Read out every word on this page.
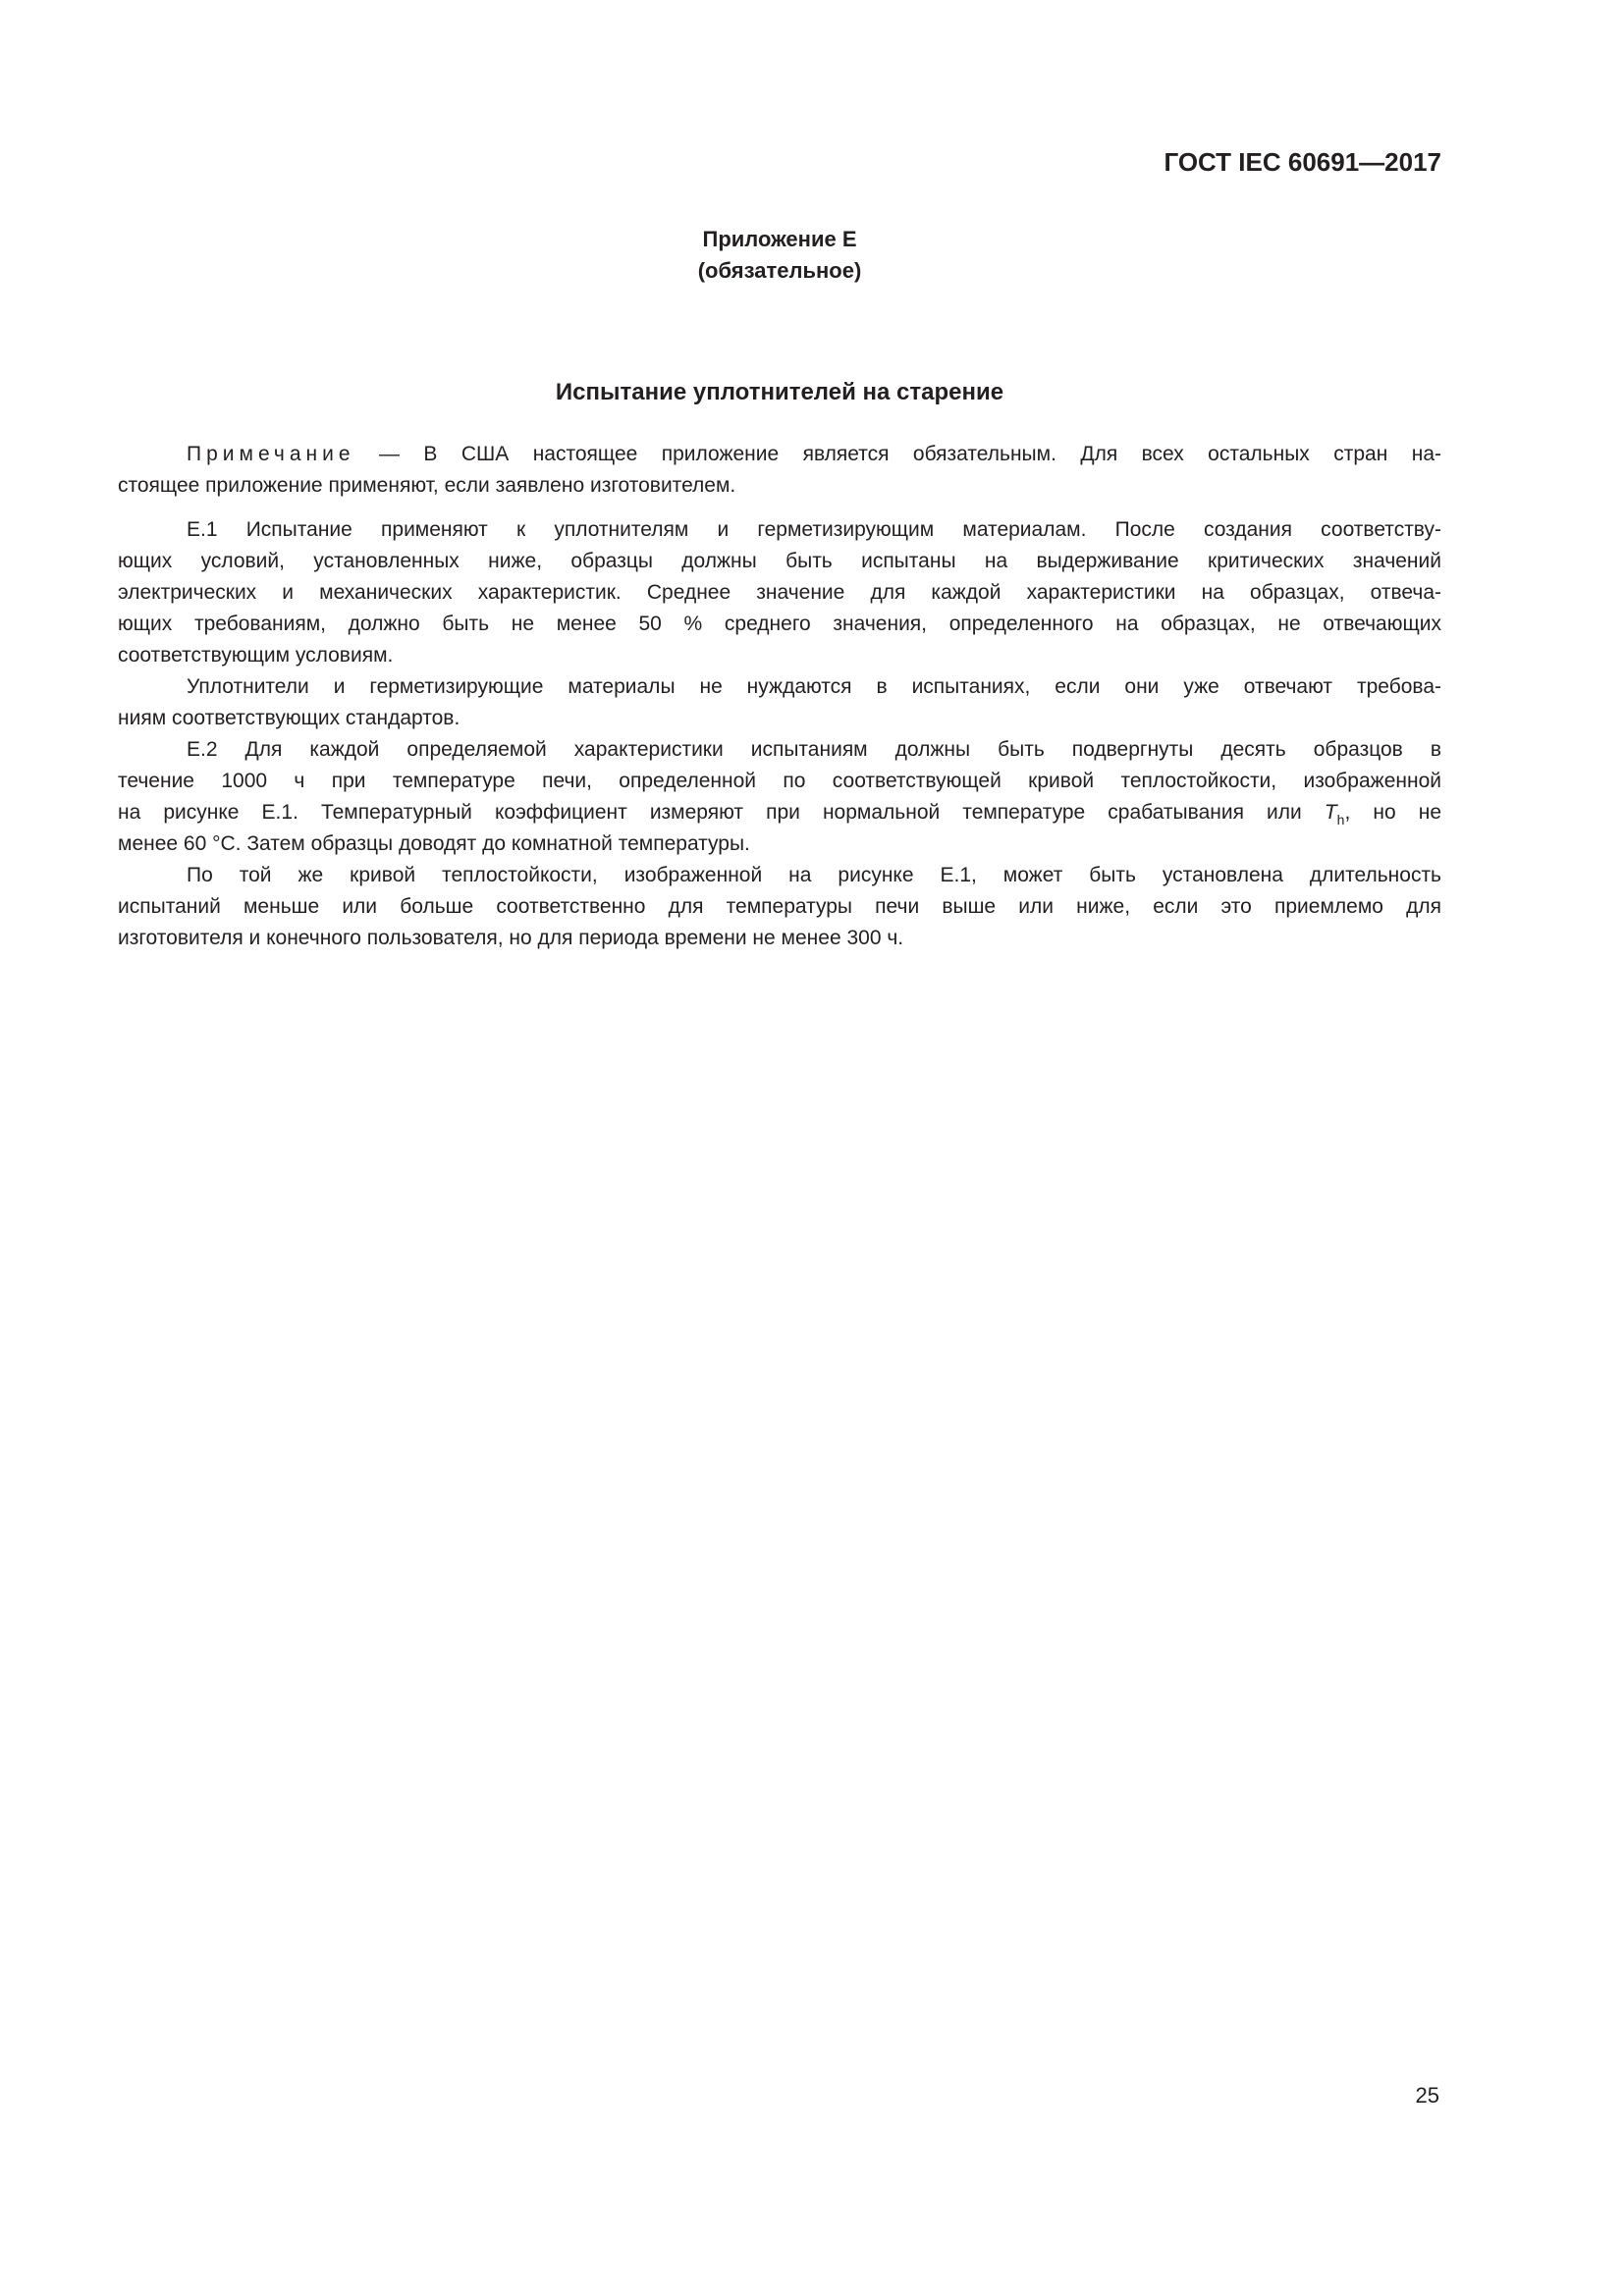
ГОСТ IEC 60691—2017
Приложение Е
(обязательное)
Испытание уплотнителей на старение
Примечание — В США настоящее приложение является обязательным. Для всех остальных стран на-
стоящее приложение применяют, если заявлено изготовителем.
Е.1 Испытание применяют к уплотнителям и герметизирующим материалам. После создания соответству-
ющих условий, установленных ниже, образцы должны быть испытаны на выдерживание критических значений
электрических и механических характеристик. Среднее значение для каждой характеристики на образцах, отвеча-
ющих требованиям, должно быть не менее 50 % среднего значения, определенного на образцах, не отвечающих
соответствующим условиям.
Уплотнители и герметизирующие материалы не нуждаются в испытаниях, если они уже отвечают требова-
ниям соответствующих стандартов.
Е.2 Для каждой определяемой характеристики испытаниям должны быть подвергнуты десять образцов в
течение 1000 ч при температуре печи, определенной по соответствующей кривой теплостойкости, изображенной
на рисунке Е.1. Температурный коэффициент измеряют при нормальной температуре срабатывания или $T_h$, но не
менее 60 °С. Затем образцы доводят до комнатной температуры.
По той же кривой теплостойкости, изображенной на рисунке Е.1, может быть установлена длительность
испытаний меньше или больше соответственно для температуры печи выше или ниже, если это приемлемо для
изготовителя и конечного пользователя, но для периода времени не менее 300 ч.
25
